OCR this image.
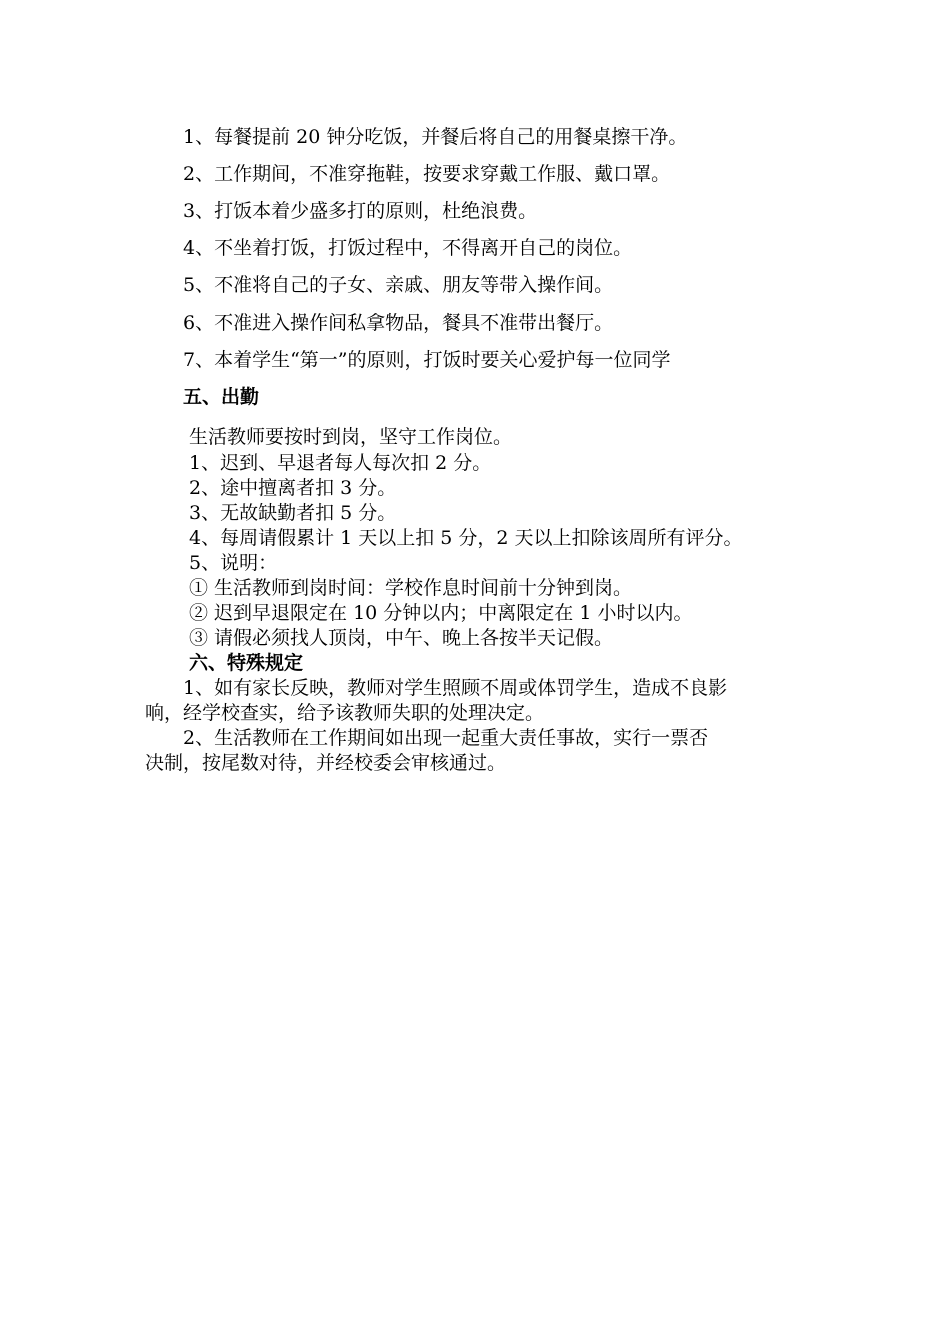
1、每餐提前 20 钟分吃饭，并餐后将自己的用餐桌擦干净。
2、工作期间，不准穿拖鞋，按要求穿戴工作服、戴口罩。
3、打饭本着少盛多打的原则，杜绝浪费。
4、不坐着打饭，打饭过程中，不得离开自己的岗位。
5、不准将自己的子女、亲戚、朋友等带入操作间。
6、不准进入操作间私拿物品，餐具不准带出餐厅。
7、本着学生“第一”的原则，打饭时要关心爱护每一位同学
五、出勤
生活教师要按时到岗，坚守工作岗位。
1、迟到、早退者每人每次扣 2 分。
2、途中擅离者扣 3 分。
3、无故缺勤者扣 5 分。
4、每周请假累计 1 天以上扣 5 分，2 天以上扣除该周所有评分。
5、说明：
① 生活教师到岗时间：学校作息时间前十分钟到岗。
② 迟到早退限定在 10 分钟以内；中离限定在 1 小时以内。
③ 请假必须找人顶岗，中午、晚上各按半天记假。
六、特殊规定
1、如有家长反映，教师对学生照顾不周或体罚学生，造成不良影
响，经学校查实，给予该教师失职的处理决定。
2、生活教师在工作期间如出现一起重大责任事故，实行一票否
决制，按尾数对待，并经校委会审核通过。
